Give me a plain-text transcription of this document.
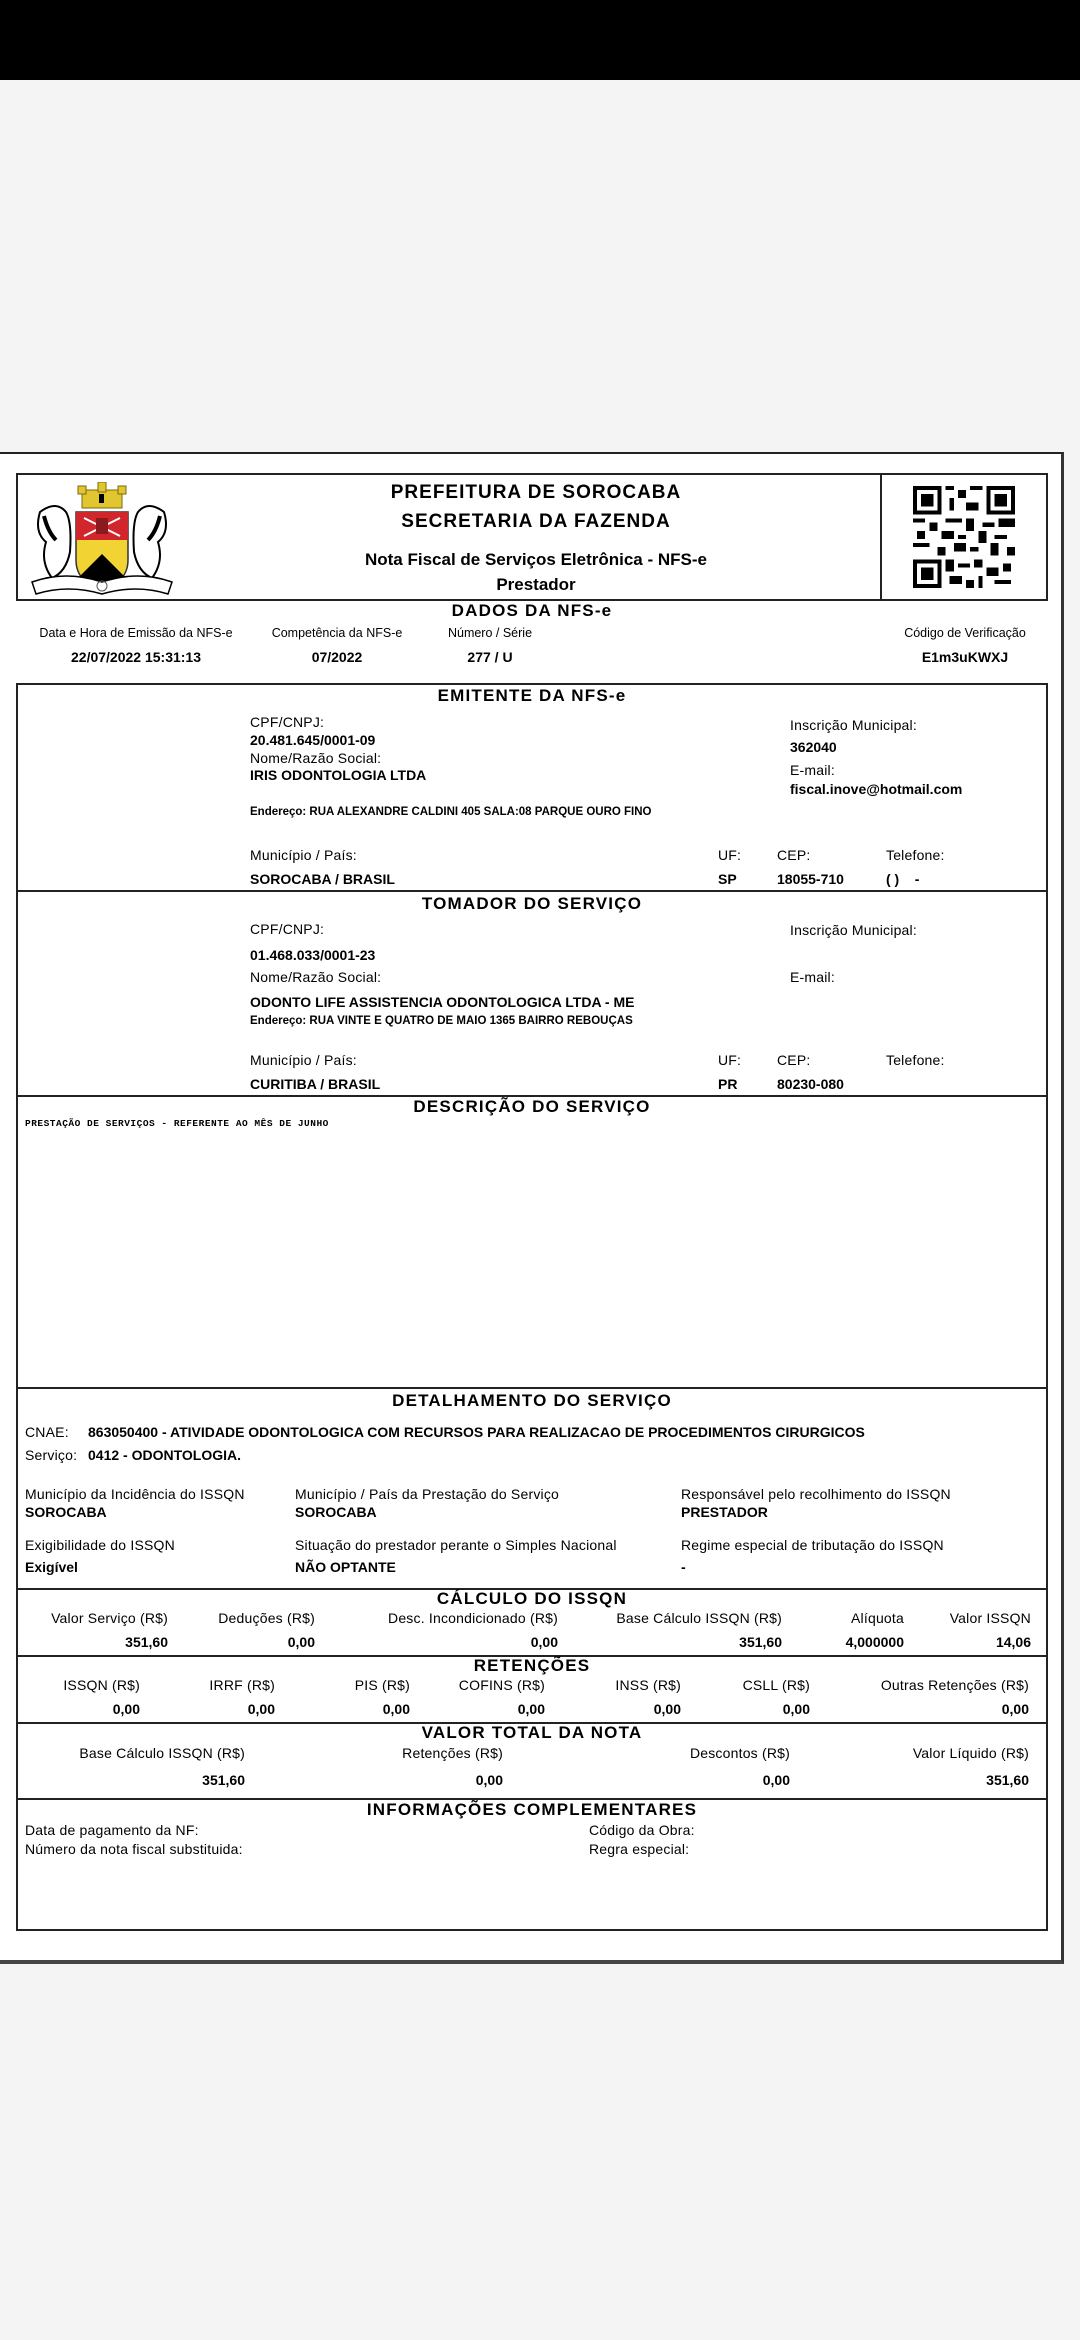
PREFEITURA DE SOROCABA
SECRETARIA DA FAZENDA
Nota Fiscal de Serviços Eletrônica - NFS-e
Prestador
DADOS DA NFS-e
Data e Hora de Emissão da NFS-e
22/07/2022 15:31:13
Competência da NFS-e
07/2022
Número / Série
277 / U
Código de Verificação
E1m3uKWXJ
EMITENTE DA NFS-e
CPF/CNPJ:
20.481.645/0001-09
Nome/Razão Social:
IRIS ODONTOLOGIA LTDA
Endereço: RUA ALEXANDRE CALDINI 405 SALA:08 PARQUE OURO FINO
Inscrição Municipal:
362040
E-mail:
fiscal.inove@hotmail.com
Município / País:
SOROCABA / BRASIL
UF:
SP
CEP:
18055-710
Telefone:
( )    -
TOMADOR DO SERVIÇO
CPF/CNPJ:
01.468.033/0001-23
Nome/Razão Social:
ODONTO LIFE ASSISTENCIA ODONTOLOGICA LTDA - ME
Endereço: RUA VINTE E QUATRO DE MAIO 1365 BAIRRO REBOUÇAS
Inscrição Municipal:
E-mail:
Município / País:
CURITIBA / BRASIL
UF:
PR
CEP:
80230-080
Telefone:
DESCRIÇÃO DO SERVIÇO
PRESTAÇÃO DE SERVIÇOS - REFERENTE AO MÊS DE JUNHO
DETALHAMENTO DO SERVIÇO
CNAE: 863050400 - ATIVIDADE ODONTOLOGICA COM RECURSOS PARA REALIZACAO DE PROCEDIMENTOS CIRURGICOS
Serviço: 0412 - ODONTOLOGIA.
Município da Incidência do ISSQN
SOROCABA
Município / País da Prestação do Serviço
SOROCABA
Responsável pelo recolhimento do ISSQN
PRESTADOR
Exigibilidade do ISSQN
Exigível
Situação do prestador perante o Simples Nacional
NÃO OPTANTE
Regime especial de tributação do ISSQN
-
CÁLCULO DO ISSQN
Valor Serviço (R$)
351,60
Deduções (R$)
0,00
Desc. Incondicionado (R$)
0,00
Base Cálculo ISSQN (R$)
351,60
Alíquota
4,000000
Valor ISSQN
14,06
RETENÇÕES
ISSQN (R$)
0,00
IRRF (R$)
0,00
PIS (R$)
0,00
COFINS (R$)
0,00
INSS (R$)
0,00
CSLL (R$)
0,00
Outras Retenções (R$)
0,00
VALOR TOTAL DA NOTA
Base Cálculo ISSQN (R$)
351,60
Retenções (R$)
0,00
Descontos (R$)
0,00
Valor Líquido (R$)
351,60
INFORMAÇÕES COMPLEMENTARES
Data de pagamento da NF:
Número da nota fiscal substituida:
Código da Obra:
Regra especial:
